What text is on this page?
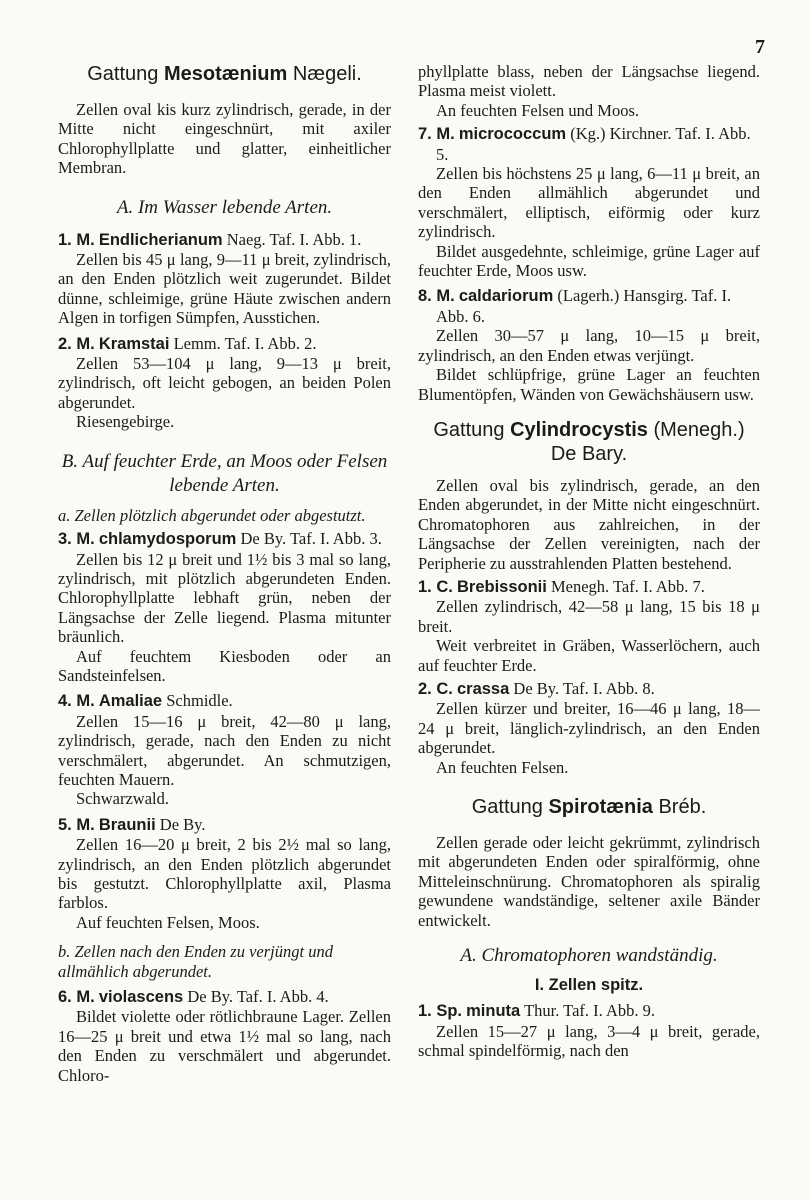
7
Gattung Mesotænium Nægeli.

Zellen oval kis kurz zylindrisch, gerade, in der Mitte nicht eingeschnürt, mit axiler Chlorophyllplatte und glatter, einheitlicher Membran.

A. Im Wasser lebende Arten.

1. M. Endlicherianum Naeg. Taf. I. Abb. 1.

Zellen bis 45 μ lang, 9—11 μ breit, zylindrisch, an den Enden plötzlich weit zugerundet. Bildet dünne, schleimige, grüne Häute zwischen andern Algen in torfigen Sümpfen, Ausstichen.

2. M. Kramstai Lemm. Taf. I. Abb. 2.

Zellen 53—104 μ lang, 9—13 μ breit, zylindrisch, oft leicht gebogen, an beiden Polen abgerundet.

Riesengebirge.

B. Auf feuchter Erde, an Moos oder Felsen lebende Arten.

a. Zellen plötzlich abgerundet oder abgestutzt.

3. M. chlamydosporum De By. Taf. I. Abb. 3.

Zellen bis 12 μ breit und 1½ bis 3 mal so lang, zylindrisch, mit plötzlich abgerundeten Enden. Chlorophyllplatte lebhaft grün, neben der Längsachse der Zelle liegend. Plasma mitunter bräunlich.

Auf feuchtem Kiesboden oder an Sandsteinfelsen.

4. M. Amaliae Schmidle.

Zellen 15—16 μ breit, 42—80 μ lang, zylindrisch, gerade, nach den Enden zu nicht verschmälert, abgerundet. An schmutzigen, feuchten Mauern.

Schwarzwald.

5. M. Braunii De By.

Zellen 16—20 μ breit, 2 bis 2½ mal so lang, zylindrisch, an den Enden plötzlich abgerundet bis gestutzt. Chlorophyllplatte axil, Plasma farblos.

Auf feuchten Felsen, Moos.

b. Zellen nach den Enden zu verjüngt und allmählich abgerundet.

6. M. violascens De By. Taf. I. Abb. 4.

Bildet violette oder rötlichbraune Lager. Zellen 16—25 μ breit und etwa 1½ mal so lang, nach den Enden zu verschmälert und abgerundet. Chloro-

phyllplatte blass, neben der Längsachse liegend. Plasma meist violett.

An feuchten Felsen und Moos.

7. M. micrococcum (Kg.) Kirchner. Taf. I. Abb. 5.

Zellen bis höchstens 25 μ lang, 6—11 μ breit, an den Enden allmählich abgerundet und verschmälert, elliptisch, eiförmig oder kurz zylindrisch.

Bildet ausgedehnte, schleimige, grüne Lager auf feuchter Erde, Moos usw.

8. M. caldariorum (Lagerh.) Hansgirg. Taf. I. Abb. 6.

Zellen 30—57 μ lang, 10—15 μ breit, zylindrisch, an den Enden etwas verjüngt.

Bildet schlüpfrige, grüne Lager an feuchten Blumentöpfen, Wänden von Gewächshäusern usw.

Gattung Cylindrocystis (Menegh.) De Bary.

Zellen oval bis zylindrisch, gerade, an den Enden abgerundet, in der Mitte nicht eingeschnürt. Chromatophoren aus zahlreichen, in der Längsachse der Zellen vereinigten, nach der Peripherie zu ausstrahlenden Platten bestehend.

1. C. Brebissonii Menegh. Taf. I. Abb. 7.

Zellen zylindrisch, 42—58 μ lang, 15 bis 18 μ breit.

Weit verbreitet in Gräben, Wasserlöchern, auch auf feuchter Erde.

2. C. crassa De By. Taf. I. Abb. 8.

Zellen kürzer und breiter, 16—46 μ lang, 18—24 μ breit, länglich-zylindrisch, an den Enden abgerundet.

An feuchten Felsen.

Gattung Spirotænia Bréb.

Zellen gerade oder leicht gekrümmt, zylindrisch mit abgerundeten Enden oder spiralförmig, ohne Mitteleinschnürung. Chromatophoren als spiralig gewundene wandständige, seltener axile Bänder entwickelt.

A. Chromatophoren wandständig.

I. Zellen spitz.

1. Sp. minuta Thur. Taf. I. Abb. 9.

Zellen 15—27 μ lang, 3—4 μ breit, gerade, schmal spindelförmig, nach den
